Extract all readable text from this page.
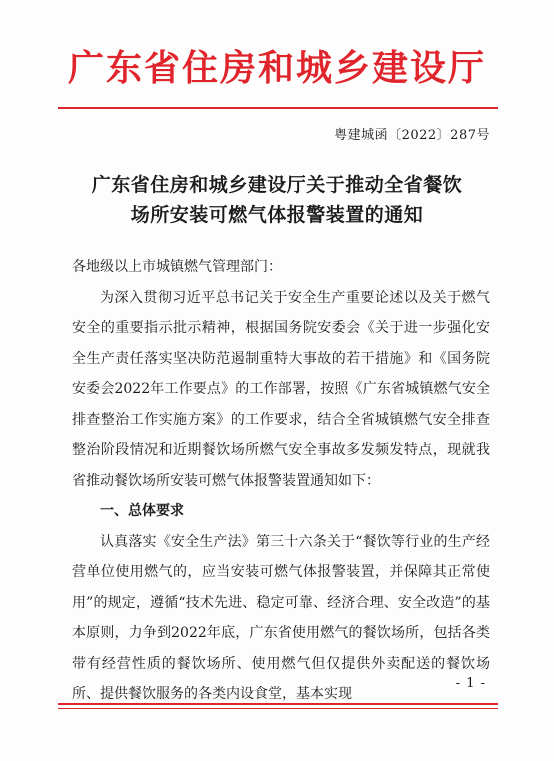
广东省住房和城乡建设厅
粤建城函〔2022〕287号
广东省住房和城乡建设厅关于推动全省餐饮
场所安装可燃气体报警装置的通知

各地级以上市城镇燃气管理部门：

为深入贯彻习近平总书记关于安全生产重要论述以及关于燃气安全的重要指示批示精神，根据国务院安委会《关于进一步强化安全生产责任落实坚决防范遏制重特大事故的若干措施》和《国务院安委会2022年工作要点》的工作部署，按照《广东省城镇燃气安全排查整治工作实施方案》的工作要求，结合全省城镇燃气安全排查整治阶段情况和近期餐饮场所燃气安全事故多发频发特点，现就我省推动餐饮场所安装可燃气体报警装置通知如下：

一、总体要求

认真落实《安全生产法》第三十六条关于“餐饮等行业的生产经营单位使用燃气的，应当安装可燃气体报警装置，并保障其正常使用”的规定，遵循“技术先进、稳定可靠、经济合理、安全改造”的基本原则，力争到2022年底，广东省使用燃气的餐饮场所，包括各类带有经营性质的餐饮场所、使用燃气但仅提供外卖配送的餐饮场所、提供餐饮服务的各类内设食堂，基本实现

- 1 -
